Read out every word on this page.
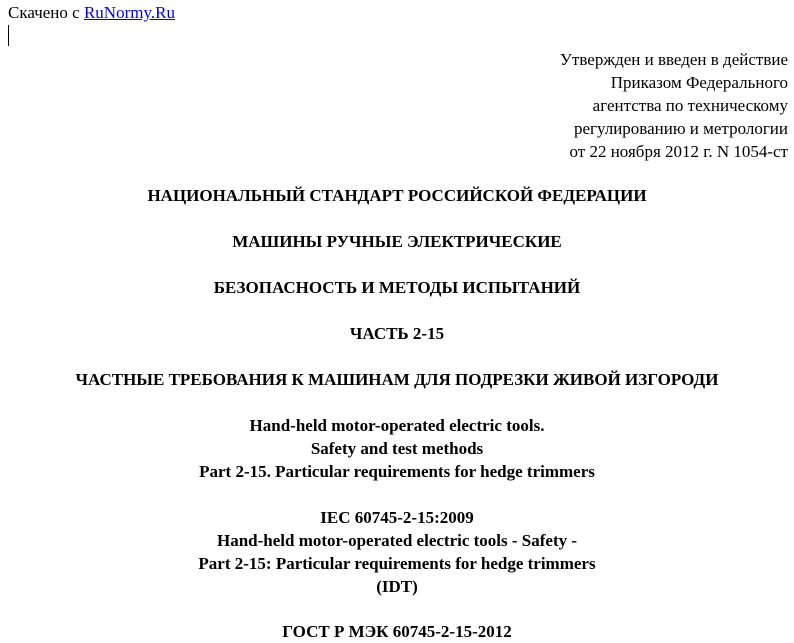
Скачено с RuNormy.Ru
Утвержден и введен в действие
Приказом Федерального
агентства по техническому
регулированию и метрологии
от 22 ноября 2012 г. N 1054-ст
НАЦИОНАЛЬНЫЙ СТАНДАРТ РОССИЙСКОЙ ФЕДЕРАЦИИ
МАШИНЫ РУЧНЫЕ ЭЛЕКТРИЧЕСКИЕ
БЕЗОПАСНОСТЬ И МЕТОДЫ ИСПЫТАНИЙ
ЧАСТЬ 2-15
ЧАСТНЫЕ ТРЕБОВАНИЯ К МАШИНАМ ДЛЯ ПОДРЕЗКИ ЖИВОЙ ИЗГОРОДИ
Hand-held motor-operated electric tools.
Safety and test methods
Part 2-15. Particular requirements for hedge trimmers
IEC 60745-2-15:2009
Hand-held motor-operated electric tools - Safety -
Part 2-15: Particular requirements for hedge trimmers
(IDT)
ГОСТ Р МЭК 60745-2-15-2012
